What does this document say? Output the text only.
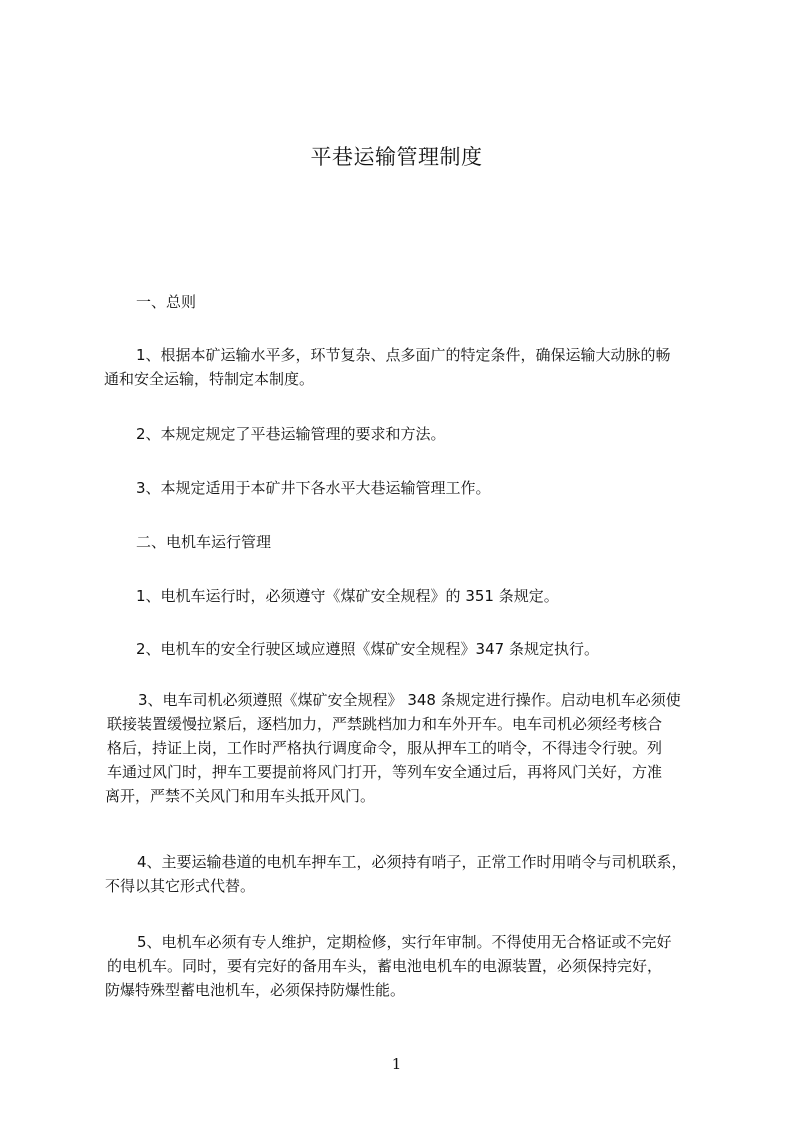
平巷运输管理制度
一、总则
1、根据本矿运输水平多，环节复杂、点多面广的特定条件，确保运输大动脉的畅
通和安全运输，特制定本制度。
2、本规定规定了平巷运输管理的要求和方法。
3、本规定适用于本矿井下各水平大巷运输管理工作。
二、电机车运行管理
1、电机车运行时，必须遵守《煤矿安全规程》的 351 条规定。
2、电机车的安全行驶区域应遵照《煤矿安全规程》347 条规定执行。
3、电车司机必须遵照《煤矿安全规程》 348 条规定进行操作。启动电机车必须使
联接装置缓慢拉紧后，逐档加力，严禁跳档加力和车外开车。电车司机必须经考核合
格后，持证上岗，工作时严格执行调度命令，服从押车工的哨令，不得违令行驶。列
车通过风门时，押车工要提前将风门打开，等列车安全通过后，再将风门关好，方准
离开，严禁不关风门和用车头抵开风门。
4、主要运输巷道的电机车押车工，必须持有哨子，正常工作时用哨令与司机联系，
不得以其它形式代替。
5、电机车必须有专人维护，定期检修，实行年审制。不得使用无合格证或不完好
的电机车。同时，要有完好的备用车头，蓄电池电机车的电源装置，必须保持完好，
防爆特殊型蓄电池机车，必须保持防爆性能。
1
